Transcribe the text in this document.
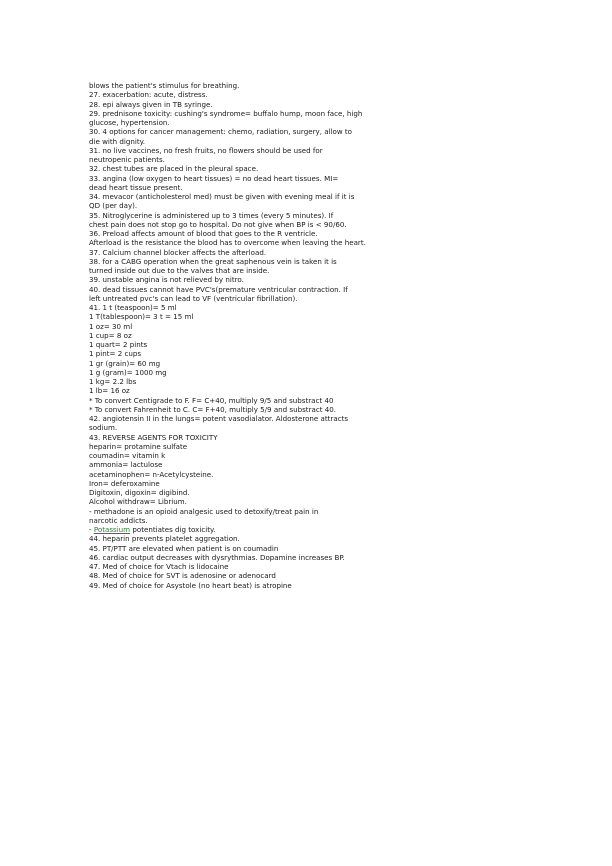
blows the patient's stimulus for breathing.
27. exacerbation: acute, distress.
28. epi always given in TB syringe.
29. prednisone toxicity: cushing's syndrome= buffalo hump, moon face, high
glucose, hypertension.
30. 4 options for cancer management: chemo, radiation, surgery, allow to
die with dignity.
31. no live vaccines, no fresh fruits, no flowers should be used for
neutropenic patients.
32. chest tubes are placed in the pleural space.
33. angina (low oxygen to heart tissues) = no dead heart tissues. MI=
dead heart tissue present.
34. mevacor (anticholesterol med) must be given with evening meal if it is
QD (per day).
35. Nitroglycerine is administered up to 3 times (every 5 minutes). If
chest pain does not stop go to hospital. Do not give when BP is < 90/60.
36. Preload affects amount of blood that goes to the R ventricle.
Afterload is the resistance the blood has to overcome when leaving the heart.
37. Calcium channel blocker affects the afterload.
38. for a CABG operation when the great saphenous vein is taken it is
turned inside out due to the valves that are inside.
39. unstable angina is not relieved by nitro.
40. dead tissues cannot have PVC's(premature ventricular contraction. If
left untreated pvc's can lead to VF (ventricular fibrillation).
41. 1 t (teaspoon)= 5 ml
1 T(tablespoon)= 3 t = 15 ml
1 oz= 30 ml
1 cup= 8 oz
1 quart= 2 pints
1 pint= 2 cups
1 gr (grain)= 60 mg
1 g (gram)= 1000 mg
1 kg= 2.2 lbs
1 lb= 16 oz
* To convert Centigrade to F. F= C+40, multiply 9/5 and substract 40
* To convert Fahrenheit to C. C= F+40, multiply 5/9 and substract 40.
42. angiotensin II in the lungs= potent vasodialator. Aldosterone attracts
sodium.
43. REVERSE AGENTS FOR TOXICITY
heparin= protamine sulfate
coumadin= vitamin k
ammonia= lactulose
acetaminophen= n-Acetylcysteine.
Iron= deferoxamine
Digitoxin, digoxin= digibind.
Alcohol withdraw= Librium.
- methadone is an opioid analgesic used to detoxify/treat pain in
narcotic addicts.
- Potassium potentiates dig toxicity.
44. heparin prevents platelet aggregation.
45. PT/PTT are elevated when patient is on coumadin
46. cardiac output decreases with dysrythmias. Dopamine increases BP.
47. Med of choice for Vtach is lidocaine
48. Med of choice for SVT is adenosine or adenocard
49. Med of choice for Asystole (no heart beat) is atropine
